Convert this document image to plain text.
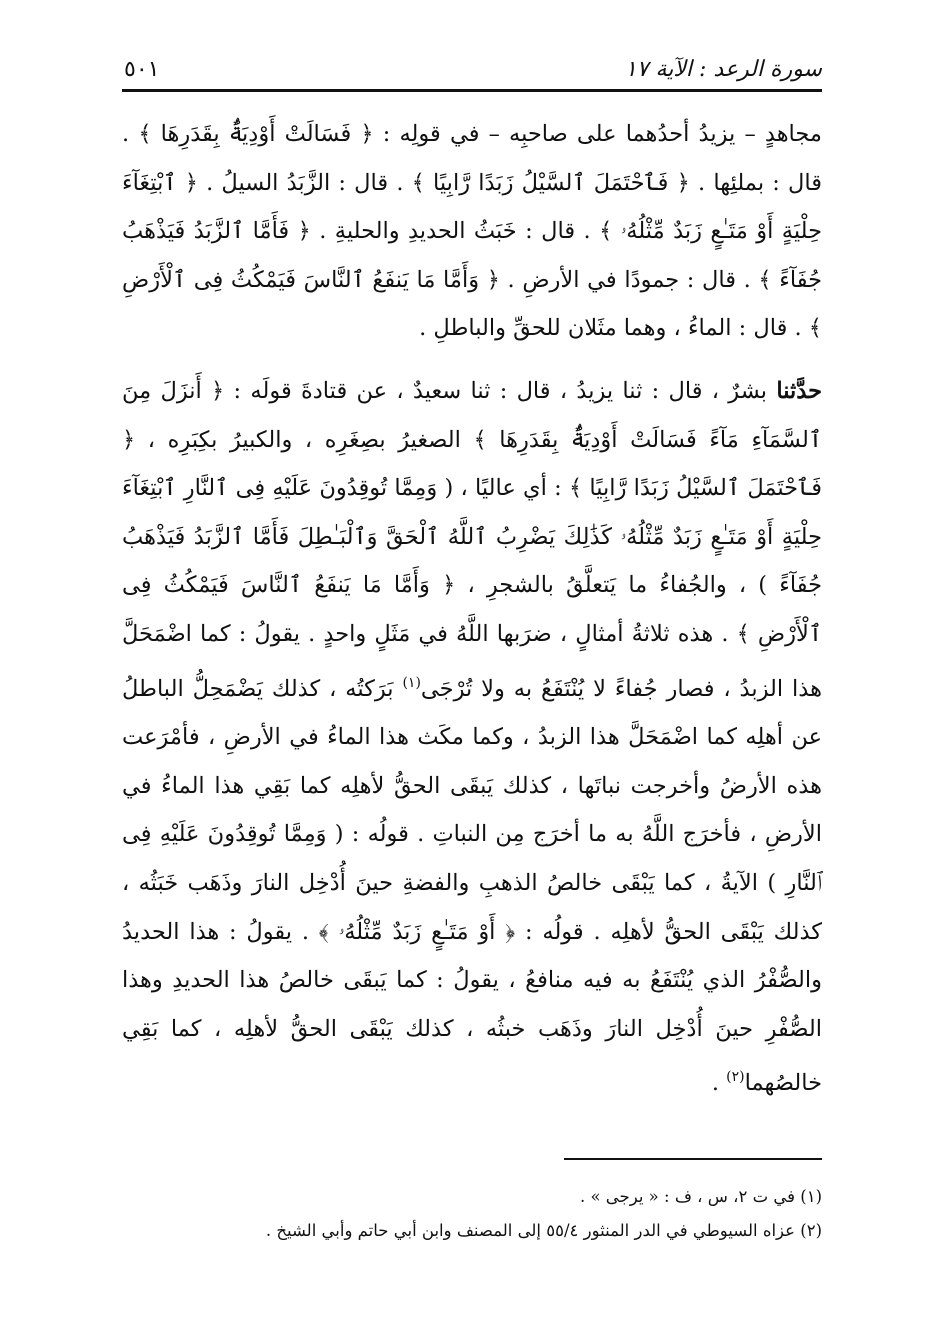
سورة الرعد : الآية ١٧
٥٠١

مجاهدٍ – يزيدُ أحدُهما على صاحبِه – في قولِه : ﴿ فَسَالَتْ أَوْدِيَةٌۢ بِقَدَرِهَا ﴾ . قال : بملئِها . ﴿ فَٱحْتَمَلَ ٱلسَّيْلُ زَبَدًا رَّابِيًا ﴾ . قال : الزَّبَدُ السيلُ . ﴿ ٱبْتِغَآءَ حِلْيَةٍ أَوْ مَتَـٰعٍ زَبَدٌ مِّثْلُهُۥ ﴾ . قال : خَبَثُ الحديدِ والحليةِ . ﴿ فَأَمَّا ٱلزَّبَدُ فَيَذْهَبُ جُفَآءً ﴾ . قال : جمودًا في الأرضِ . ﴿ وَأَمَّا مَا يَنفَعُ ٱلنَّاسَ فَيَمْكُثُ فِى ٱلْأَرْضِ ﴾ . قال : الماءُ ، وهما مثَلان للحقِّ والباطلِ .

حدَّثنا بشرٌ ، قال : ثنا يزيدُ ، قال : ثنا سعيدٌ ، عن قتادةَ قولَه : ﴿ أَنزَلَ مِنَ ٱلسَّمَآءِ مَآءً فَسَالَتْ أَوْدِيَةٌۢ بِقَدَرِهَا ﴾ الصغيرُ بصِغَرِه ، والكبيرُ بكِبَرِه ، ﴿ فَٱحْتَمَلَ ٱلسَّيْلُ زَبَدًا رَّابِيًا ﴾ : أي عاليًا ، ( وَمِمَّا تُوقِدُونَ عَلَيْهِ فِى ٱلنَّارِ ٱبْتِغَآءَ حِلْيَةٍ أَوْ مَتَـٰعٍ زَبَدٌ مِّثْلُهُۥ كَذَٰلِكَ يَضْرِبُ ٱللَّهُ ٱلْحَقَّ وَٱلْبَـٰطِلَ فَأَمَّا ٱلزَّبَدُ فَيَذْهَبُ جُفَآءً ) ، والجُفاءُ ما يَتعلَّقُ بالشجرِ ، ﴿ وَأَمَّا مَا يَنفَعُ ٱلنَّاسَ فَيَمْكُثُ فِى ٱلْأَرْضِ ﴾ . هذه ثلاثةُ أمثالٍ ، ضرَبها اللَّهُ في مَثَلٍ واحدٍ . يقولُ : كما اضْمَحَلَّ هذا الزبدُ ، فصار جُفاءً لا يُنْتَفَعُ به ولا تُرْجَى$^{(١)}$ بَرَكتُه ، كذلك يَضْمَحِلُّ الباطلُ عن أهلِه كما اضْمَحَلَّ هذا الزبدُ ، وكما مكَث هذا الماءُ في الأرضِ ، فأمْرَعت هذه الأرضُ وأخرجت نباتَها ، كذلك يَبقَى الحقُّ لأهلِه كما بَقِي هذا الماءُ في الأرضِ ، فأخرَج اللَّهُ به ما أخرَج مِن النباتِ . قولُه : ( وَمِمَّا تُوقِدُونَ عَلَيْهِ فِى ٱلنَّارِ ) الآيةُ ، كما يَبْقَى خالصُ الذهبِ والفضةِ حينَ أُدْخِل النارَ وذَهَب خَبَثُه ، كذلك يَبْقَى الحقُّ لأهلِه . قولُه : ﴿ أَوْ مَتَـٰعٍ زَبَدٌ مِّثْلُهُۥ ﴾ . يقولُ : هذا الحديدُ والصُّفْرُ الذي يُنْتَفَعُ به فيه منافعُ ، يقولُ : كما يَبقَى خالصُ هذا الحديدِ وهذا الصُّفْرِ حينَ أُدْخِل النارَ وذَهَب خبثُه ، كذلك يَبْقَى الحقُّ لأهلِه ، كما بَقِي خالصُهما$^{(٢)}$ .

(١) في ت ٢، س ، ف : « يرجى » .

(٢) عزاه السيوطي في الدر المنثور ٥٥/٤ إلى المصنف وابن أبي حاتم وأبي الشيخ .
